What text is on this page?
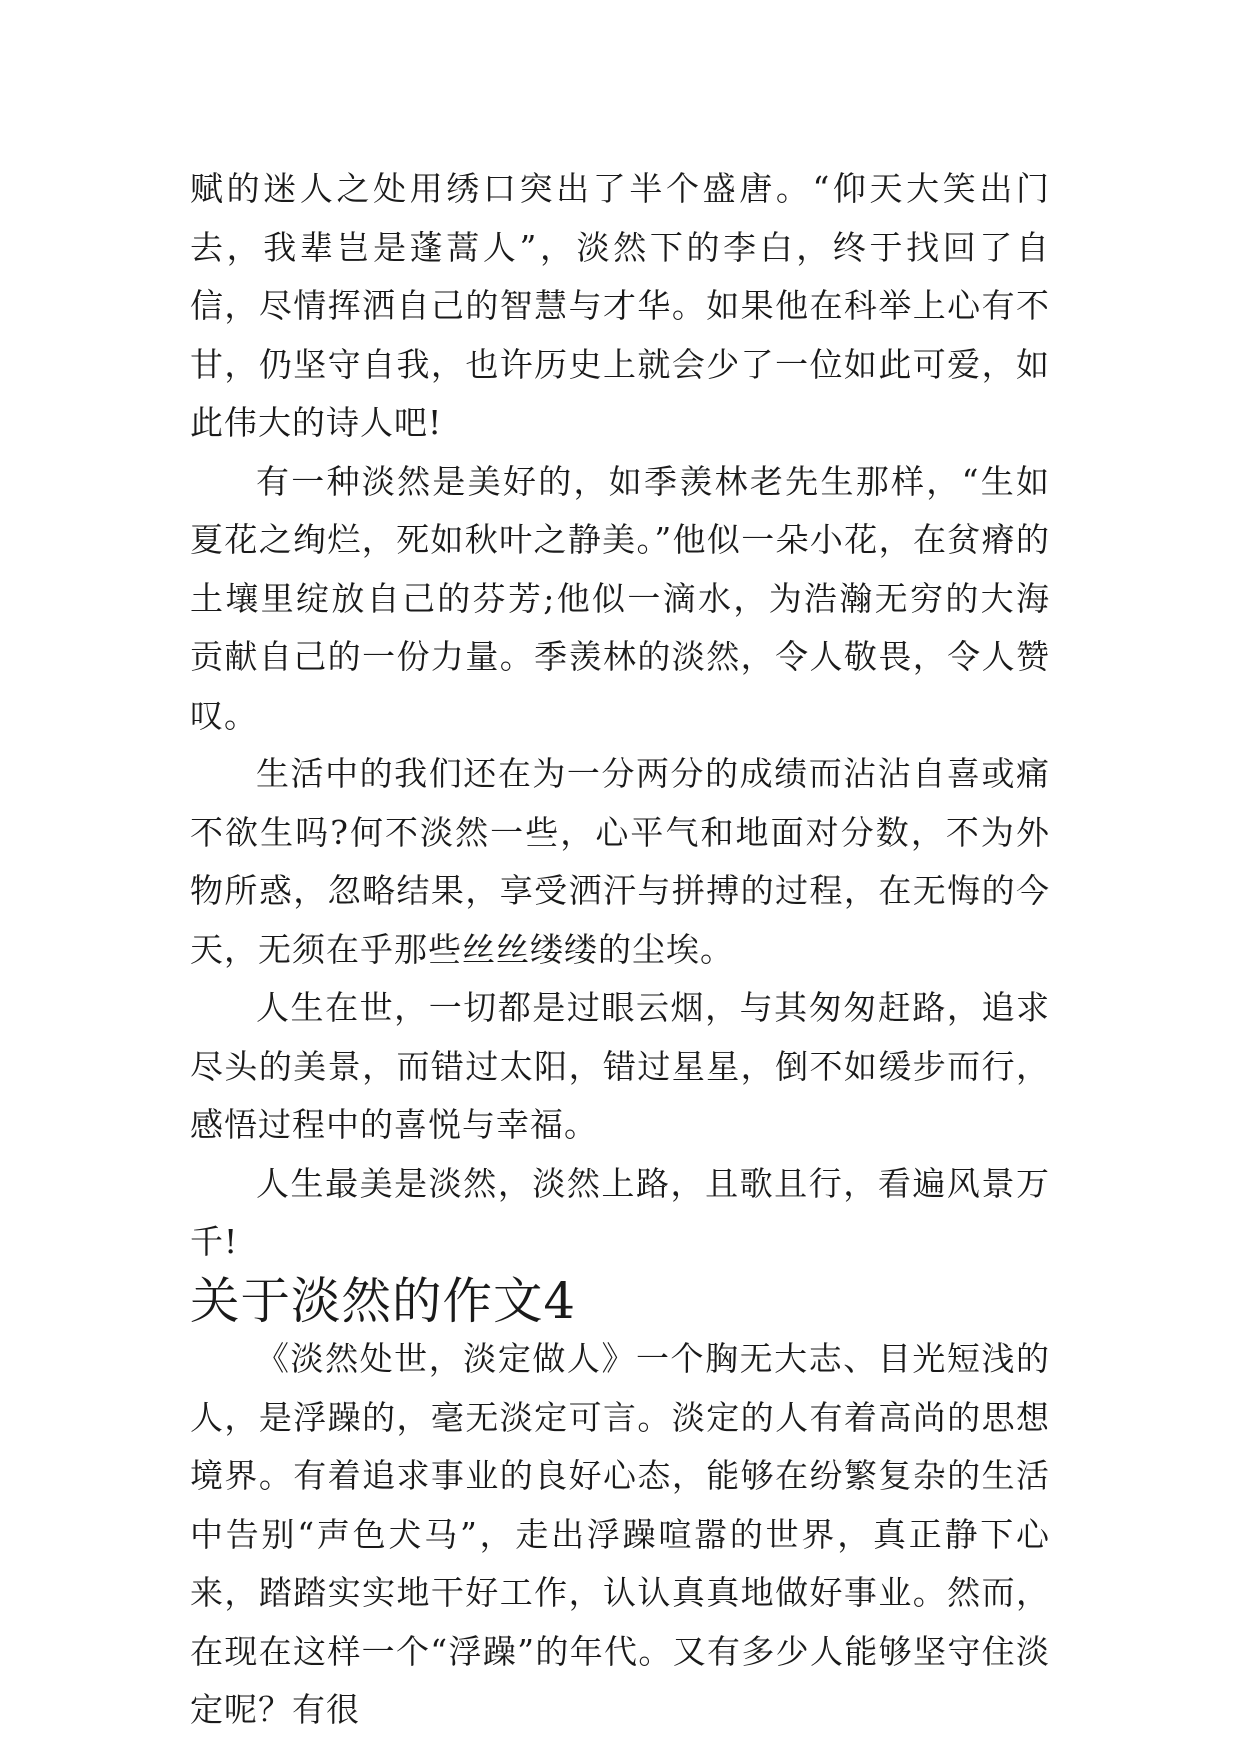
赋的迷人之处用绣口突出了半个盛唐。“仰天大笑出门去，我辈岂是蓬蒿人”，淡然下的李白，终于找回了自信，尽情挥洒自己的智慧与才华。如果他在科举上心有不甘，仍坚守自我，也许历史上就会少了一位如此可爱，如此伟大的诗人吧!

有一种淡然是美好的，如季羡林老先生那样，“生如夏花之绚烂，死如秋叶之静美。”他似一朵小花，在贫瘠的土壤里绽放自己的芬芳;他似一滴水，为浩瀚无穷的大海贡献自己的一份力量。季羡林的淡然，令人敬畏，令人赞叹。

生活中的我们还在为一分两分的成绩而沾沾自喜或痛不欲生吗?何不淡然一些，心平气和地面对分数，不为外物所惑，忽略结果，享受洒汗与拼搏的过程，在无悔的今天，无须在乎那些丝丝缕缕的尘埃。

人生在世，一切都是过眼云烟，与其匆匆赶路，追求尽头的美景，而错过太阳，错过星星，倒不如缓步而行，感悟过程中的喜悦与幸福。

人生最美是淡然，淡然上路，且歌且行，看遍风景万千!

关于淡然的作文4

《淡然处世，淡定做人》一个胸无大志、目光短浅的人，是浮躁的，毫无淡定可言。淡定的人有着高尚的思想境界。有着追求事业的良好心态，能够在纷繁复杂的生活中告别“声色犬马”，走出浮躁喧嚣的世界，真正静下心来，踏踏实实地干好工作，认认真真地做好事业。然而，在现在这样一个“浮躁”的年代。又有多少人能够坚守住淡定呢？有很
